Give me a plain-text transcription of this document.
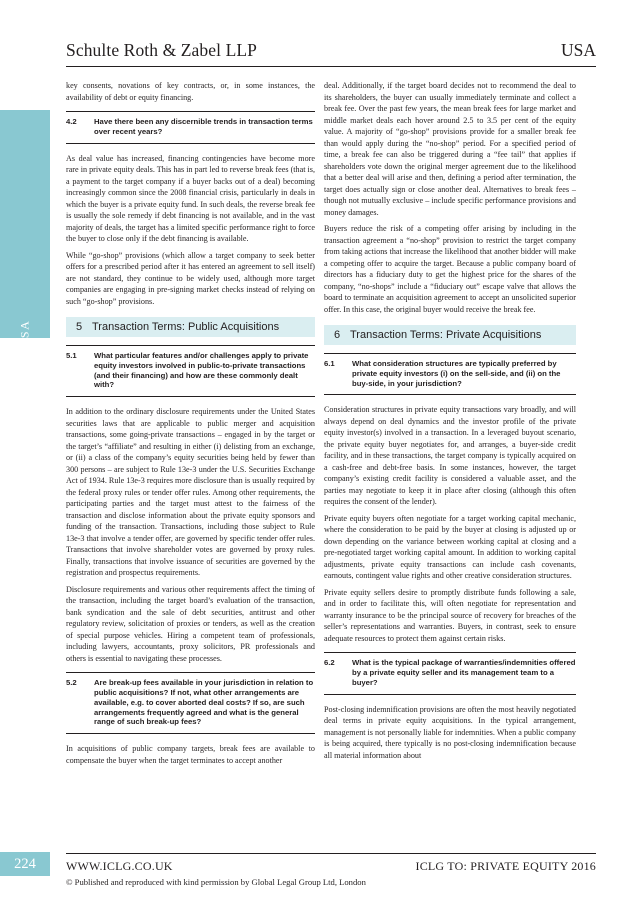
Schulte Roth & Zabel LLP	USA
USA

key consents, novations of key contracts, or, in some instances, the availability of debt or equity financing.

4.2	Have there been any discernible trends in transaction terms over recent years?

As deal value has increased, financing contingencies have become more rare in private equity deals. This has in part led to reverse break fees (that is, a payment to the target company if a buyer backs out of a deal) becoming increasingly common since the 2008 financial crisis, particularly in deals in which the buyer is a private equity fund. In such deals, the reverse break fee is usually the sole remedy if debt financing is not available, and in the vast majority of deals, the target has a limited specific performance right to force the buyer to close only if the debt financing is available.

While “go-shop” provisions (which allow a target company to seek better offers for a prescribed period after it has entered an agreement to sell itself) are not standard, they continue to be widely used, although more target companies are engaging in pre-signing market checks instead of relying on such “go-shop” provisions.

5 Transaction Terms: Public Acquisitions
5.1	What particular features and/or challenges apply to private equity investors involved in public-to-private transactions (and their financing) and how are these commonly dealt with?

In addition to the ordinary disclosure requirements under the United States securities laws that are applicable to public merger and acquisition transactions, some going-private transactions – engaged in by the target or the target’s “affiliate” and resulting in either (i) delisting from an exchange, or (ii) a class of the company’s equity securities being held by fewer than 300 persons – are subject to Rule 13e-3 under the U.S. Securities Exchange Act of 1934. Rule 13e-3 requires more disclosure than is usually required by the federal proxy rules or tender offer rules. Among other requirements, the participating parties and the target must attest to the fairness of the transaction and disclose information about the private equity sponsors and funding of the transaction. Transactions, including those subject to Rule 13e-3 that involve a tender offer, are governed by specific tender offer rules. Transactions that involve shareholder votes are governed by proxy rules. Finally, transactions that involve issuance of securities are governed by the registration and prospectus requirements.

Disclosure requirements and various other requirements affect the timing of the transaction, including the target board’s evaluation of the transaction, bank syndication and the sale of debt securities, antitrust and other regulatory review, solicitation of proxies or tenders, as well as the creation of special purpose vehicles. Hiring a competent team of professionals, including lawyers, accountants, proxy solicitors, PR professionals and others is essential to navigating these processes.

5.2	Are break-up fees available in your jurisdiction in relation to public acquisitions? If not, what other arrangements are available, e.g. to cover aborted deal costs? If so, are such arrangements frequently agreed and what is the general range of such break-up fees?

In acquisitions of public company targets, break fees are available to compensate the buyer when the target terminates to accept another

deal. Additionally, if the target board decides not to recommend the deal to its shareholders, the buyer can usually immediately terminate and collect a break fee. Over the past few years, the mean break fees for large market and middle market deals each hover around 2.5 to 3.5 per cent of the equity value. A majority of “go-shop” provisions provide for a smaller break fee than would apply during the “no-shop” period. For a specified period of time, a break fee can also be triggered during a “fee tail” that applies if shareholders vote down the original merger agreement due to the likelihood that a better deal will arise and then, defining a period after termination, the target does actually sign or close another deal. Alternatives to break fees – though not mutually exclusive – include specific performance provisions and money damages.

Buyers reduce the risk of a competing offer arising by including in the transaction agreement a “no-shop” provision to restrict the target company from taking actions that increase the likelihood that another bidder will make a competing offer to acquire the target. Because a public company board of directors has a fiduciary duty to get the highest price for the shares of the company, “no-shops” include a “fiduciary out” escape valve that allows the board to terminate an acquisition agreement to accept an unsolicited superior offer. In this case, the original buyer would receive the break fee.

6 Transaction Terms: Private Acquisitions
6.1	What consideration structures are typically preferred by private equity investors (i) on the sell-side, and (ii) on the buy-side, in your jurisdiction?

Consideration structures in private equity transactions vary broadly, and will always depend on deal dynamics and the investor profile of the private equity investor(s) involved in a transaction. In a leveraged buyout scenario, the private equity buyer negotiates for, and arranges, a buyer-side credit facility, and in these transactions, the target company is typically acquired on a cash-free and debt-free basis. In some instances, however, the target company’s existing credit facility is considered a valuable asset, and the parties may negotiate to keep it in place after closing (although this often requires the consent of the lender).

Private equity buyers often negotiate for a target working capital mechanic, where the consideration to be paid by the buyer at closing is adjusted up or down depending on the variance between working capital at closing and a pre-negotiated target working capital amount. In addition to working capital adjustments, private equity transactions can include cash covenants, earnouts, contingent value rights and other creative consideration structures.

Private equity sellers desire to promptly distribute funds following a sale, and in order to facilitate this, will often negotiate for representation and warranty insurance to be the principal source of recovery for breaches of the seller’s representations and warranties. Buyers, in contrast, seek to ensure adequate resources to protect them against certain risks.

6.2	What is the typical package of warranties/indemnities offered by a private equity seller and its management team to a buyer?

Post-closing indemnification provisions are often the most heavily negotiated deal terms in private equity acquisitions. In the typical arrangement, management is not personally liable for indemnities. When a public company is being acquired, there typically is no post-closing indemnification because all material information about

224	WWW.ICLG.CO.UK	ICLG TO: PRIVATE EQUITY 2016
© Published and reproduced with kind permission by Global Legal Group Ltd, London
